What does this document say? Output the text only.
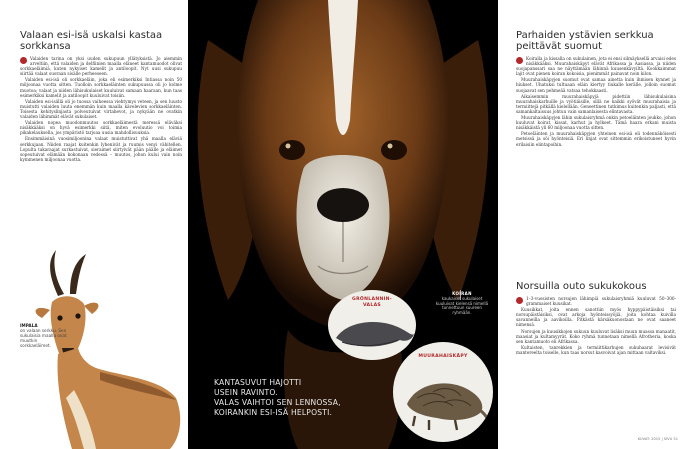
Valaan esi-isä uskalsi kastaa sorkkansa

Valaiden tarina on yksi uuden sukupuun yllätyksistä. Jo aiemmin arveltiin, että valaiden ja delfiinien maalla eläneet kantamuodot olivat sorkkaeläimiä, kuten nykyiset kamelit ja antiloopit. Nyt uusi sukupuu siirtää valaat suoraan sisälle perheeseen.

Valaiden esi-isä oli sorkkaeläin, joka eli esimerkiksi Intiassa noin 50 miljoonaa vuotta sitten. Tuolloin sorkkaeläinten sukupuussa oli jo kolme muotoa; valaat ja niiden lähisukulaiset kuuluivat samaan haaraan, kun taas esimerkiksi kamelit ja antiloopit kuuluivat toisiin.

Valaiden esi-isällä oli jo tuossa vaiheessa viehtymys veteen, ja sen luusto muistutti valaiden luuta enemmän kuin maalla kävelevien sorkkaeläinten. Toisesta kehityslinjasta polveutuivat virtahevot, ja nykyään ne ovatkin valaiden lähimmät elävät sukulaiset.

Valaiden nopea muodonmuutos sorkkaeläimestä meressä eläväksi nisäkkääksi on hyvä esimerkki siitä, miten evoluutio voi toimia pikakelauksella, jos ympäristö tarjoaa uusia mahdollisuuksia.

Ensimmäisinä vuosimiljoonina valaat muistuttivat yhä maalla eläviä serkkujaan. Niiden raajat kuitenkin lyhenivät ja ruumis venyi vähitellen. Lopulta takaraajat surkastuivat, sieraimet siirtyivät pään päälle ja eläimet sopeutuivat elämään kokonaan vedessä – muutos, johon kului vain noin kymmenen miljoonaa vuotta.

IMPALA
on valaan serkku. Sen sukulaisia maalla ovat muutkin sorkkaeläimet.
KOIRAN
kaukaiset sukulaiset kuuluivat kielensä nimellä tunnettuun suureen ryhmään.
GRÖNLANNIN-
VALAS
MUURAHAISKÄPY
KANTASUVUT HAJOTTI
USEIN RAVINTO.
VALAS VAIHTOI SEN LENNOSSA,
KOIRANKIN ESI-ISÄ HELPOSTI.
Parhaiden ystävien serkkua peittävät suomut

Koiralla ja kissalla on sukulainen, jota ei ensi silmäyksellä arvaisi edes nisäkkääksi. Muurahaiskäpyt elävät Afrikassa ja Aasiassa, ja niiden suojapanssari saa ne näyttämään lähinnä kuusenkävyiltä. Kookkaimmat lajit ovat pienen koiran kokoisia, pienimmät painavat noin kilon.

Muurahaiskäpyjen suomut ovat samaa ainetta kuin ihmisen kynnet ja hiukset. Uhatuksi tultuaan eläin kiertyy tiukalle kerälle, jolloin suomut suojaavat sen pehmeää vatsaa tehokkaasti.

Aikaisemmin muurahaiskäpyjä pidettiin lähisukulaisina muurahaiskarhuille ja vyötiäisille, sillä ne kaikki syövät muurahaisia ja termiittejä pitkällä kielellään. Geneettinen tutkimus kuitenkin paljasti, että samankaltaisuus johtuu vain samanlaisesta elintavasta.

Muurahaiskäpyjen lähin sukulaisryhmä onkin petoeläinten joukko, johon kuuluvat koirat, kissat, karhut ja hylkeet. Tämä haara erkani muista nisäkkäistä yli 60 miljoonaa vuotta sitten.

Petoeläinten ja muurahaiskäpyjen yhteinen esi-isä eli todennäköisesti metsissä ja söi hyönteisiä. Eri linjat ovat sittemmin erikoistuneet hyvin erilaisiin elintapoihin.

Norsuilla outo sukukokous

1–3-vuosisten norsujen lähimpiä sukulaisryhmiä kuuluvat 50–300-grammaiset kuusikat.

Kuusikkat, joita ennen sanottiin myös hyppypäistäisiksi tai norsupäistäisiksi, ovat arkoja hyönteissyöjiä, joita kohtaa kuivilla savanneilla ja aavikoilla. Pitkästä kärsäkuonostaan ne ovat saaneet nimensä.

Norsujen ja kuusikkojen sukuun kuuluvat lisäksi muun muassa manaatit, maasiat ja kultamyyrät. Koko ryhmä tunnetaan nimellä Afrotheria, koska sen kantamuoto eli Afrikassa.

Kultaisten, tanrekkien ja termiittikarhujen sukuhaarat levisivät mantereelta toiselle, kun taas norsut kasvoivat ajan mittaan valtaviksi.

KUVAT: 2015 | SIVU 51
